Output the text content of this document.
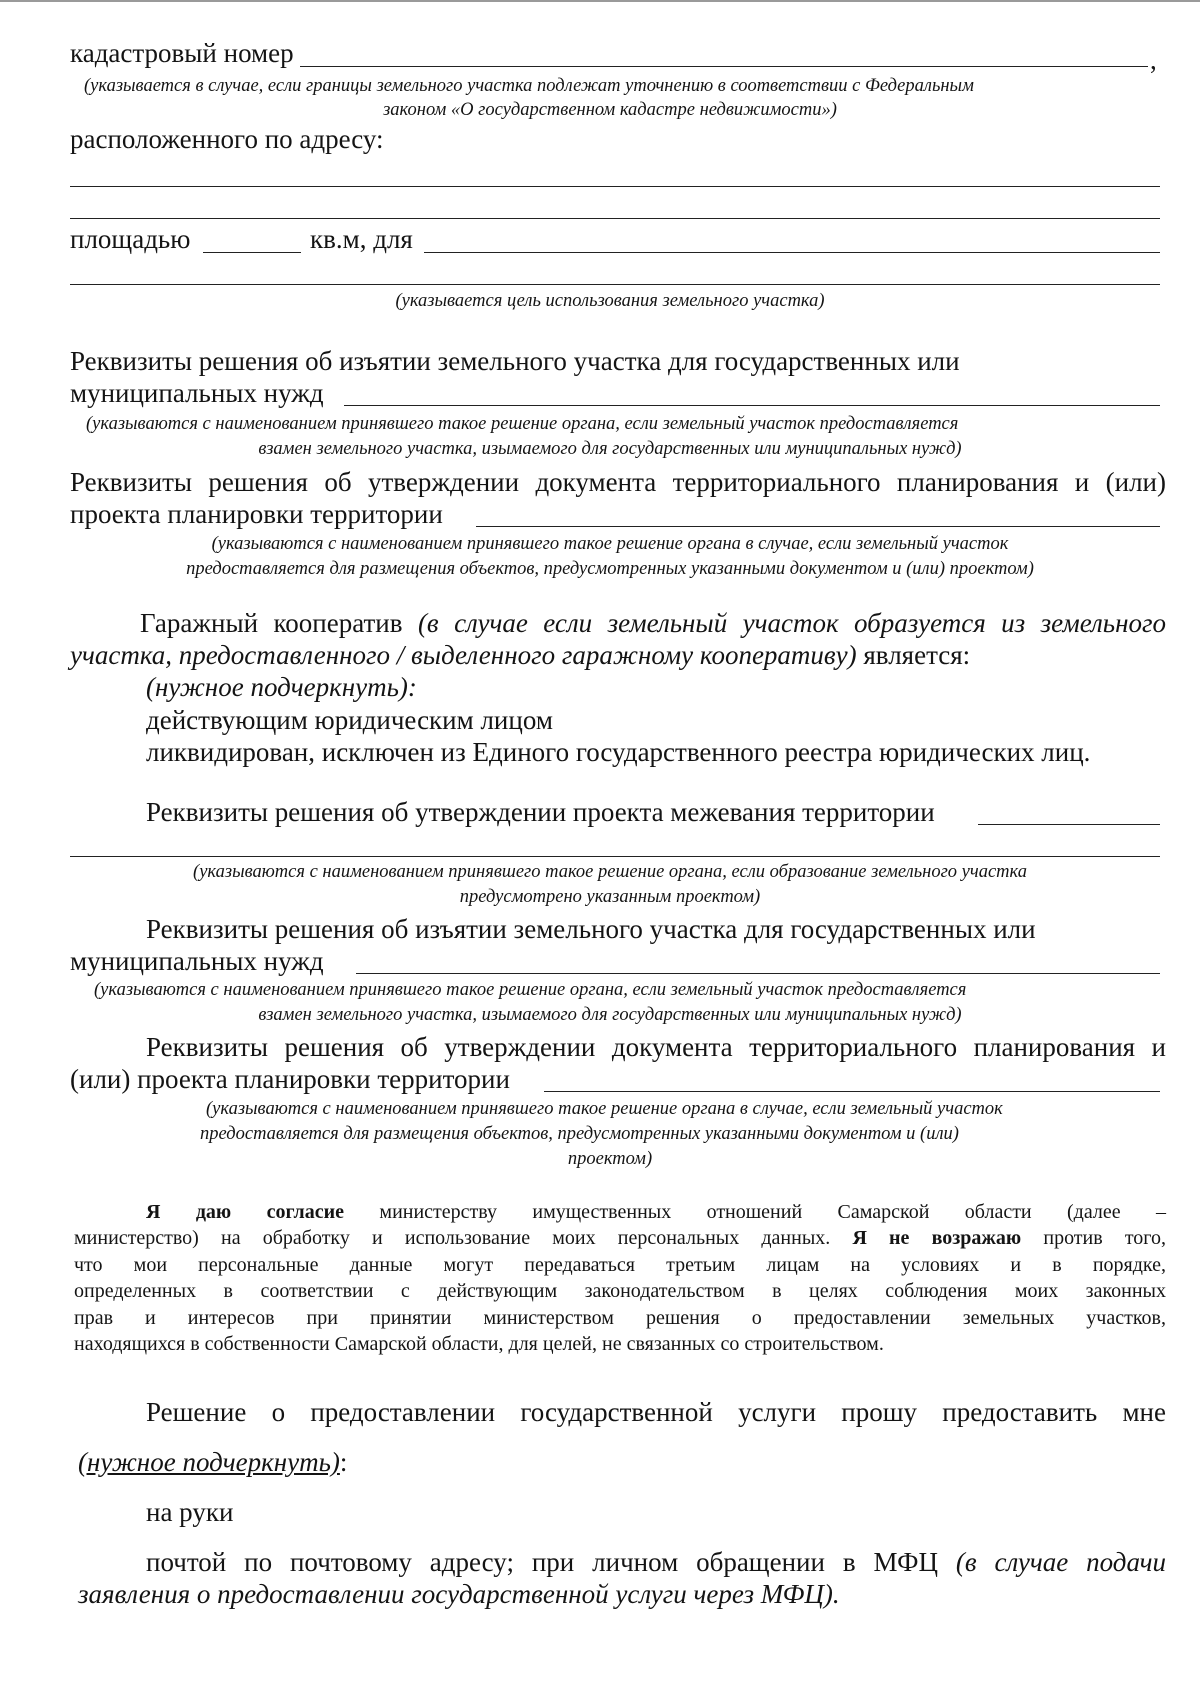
кадастровый номер	,
(указывается в случае, если границы земельного участка подлежат уточнению в соответствии с Федеральным
законом «О государственном кадастре недвижимости»)
расположенного по адресу:
площадью	кв.м, для
(указывается цель использования земельного участка)
Реквизиты решения об изъятии земельного участка для государственных или
муниципальных нужд
(указываются с наименованием принявшего такое решение органа, если земельный участок предоставляется
взамен земельного участка, изымаемого для государственных или муниципальных нужд)
Реквизиты решения об утверждении документа территориального планирования и (или)
проекта планировки территории
(указываются с наименованием принявшего такое решение органа в случае, если земельный участок
предоставляется для размещения объектов, предусмотренных указанными документом и (или) проектом)
Гаражный кооператив (в случае если земельный участок образуется из земельного
участка, предоставленного / выделенного гаражному кооперативу) является:
(нужное подчеркнуть):
действующим юридическим лицом
ликвидирован, исключен из Единого государственного реестра юридических лиц.
Реквизиты решения об утверждении проекта межевания территории
(указываются с наименованием принявшего такое решение органа, если образование земельного участка
предусмотрено указанным проектом)
Реквизиты решения об изъятии земельного участка для государственных или
муниципальных нужд
(указываются с наименованием принявшего такое решение органа, если земельный участок предоставляется
взамен земельного участка, изымаемого для государственных или муниципальных нужд)
Реквизиты решения об утверждении документа территориального планирования и
(или) проекта планировки территории
(указываются с наименованием принявшего такое решение органа в случае, если земельный участок
предоставляется для размещения объектов, предусмотренных указанными документом и (или)
проектом)
Я даю согласие министерству имущественных отношений Самарской области (далее –
министерство) на обработку и использование моих персональных данных. Я не возражаю против того,
что мои персональные данные могут передаваться третьим лицам на условиях и в порядке,
определенных в соответствии с действующим законодательством в целях соблюдения моих законных
прав и интересов при принятии министерством решения о предоставлении земельных участков,
находящихся в собственности Самарской области, для целей, не связанных со строительством.
Решение о предоставлении государственной услуги прошу предоставить мне
(нужное подчеркнуть):
на руки
почтой по почтовому адресу; при личном обращении в МФЦ (в случае подачи
заявления о предоставлении государственной услуги через МФЦ).
